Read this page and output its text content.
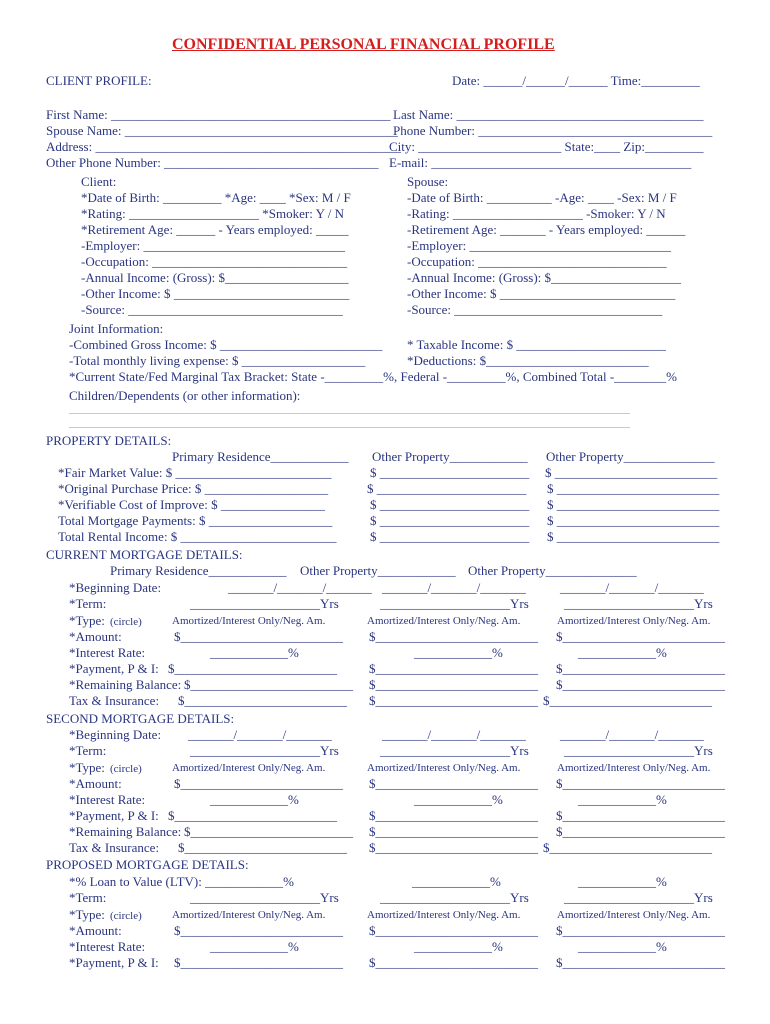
CONFIDENTIAL PERSONAL FINANCIAL PROFILE
CLIENT PROFILE:	Date: ______/______/______ Time:_________
First Name: ___________________________________________ Last Name: ______________________________________
Spouse Name: __________________________________________
Phone Number: ____________________________________
Address: _______________________________________________
City: ______________________ State:____ Zip:_________
Other Phone Number: _________________________________ E-mail: ________________________________________
Client:
*Date of Birth: _________ *Age: ____ *Sex: M / F
*Rating: ____________________ *Smoker: Y / N
*Retirement Age: ______ - Years employed: _____
-Employer: _______________________________
-Occupation: ______________________________
-Annual Income: (Gross): $___________________
-Other Income: $ ___________________________
-Source: _________________________________
Spouse:
-Date of Birth: __________ -Age: ____ -Sex: M / F
-Rating: ____________________ -Smoker: Y / N
-Retirement Age: _______ - Years employed: ______
-Employer: _______________________________
-Occupation: _____________________________
-Annual Income: (Gross): $____________________
-Other Income: $ ___________________________
-Source: ________________________________
Joint Information:
-Combined Gross Income: $ _________________________ * Taxable Income: $ _______________________
-Total monthly living expense: $ ___________________	*Deductions: $_________________________
*Current State/Fed Marginal Tax Bracket: State -_________%, Federal -_________%, Combined Total -________%
Children/Dependents (or other information):
______________________________________________________________________________________________________
______________________________________________________________________________________________________
PROPERTY DETAILS:
Primary Residence____________ Other Property____________ Other Property______________
*Fair Market Value: $ ________________________	$ _______________________ $ _________________________
*Original Purchase Price: $ ___________________	$ _______________________ $ _________________________
*Verifiable Cost of Improve: $ ________________	$ _______________________ $ _________________________
Total Mortgage Payments: $ ___________________	$ _______________________ $ _________________________
Total Rental Income: $ ________________________	$ _______________________ $ _________________________
CURRENT MORTGAGE DETAILS:
Primary Residence____________ Other Property____________ Other Property______________
*Beginning Date:	_______/_______/_______ _______/_______/_______	_______/_______/_______
*Term:	____________________Yrs	____________________Yrs	____________________Yrs
*Type: (circle)	Amortized/Interest Only/Neg. Am.	Amortized/Interest Only/Neg. Am.	Amortized/Interest Only/Neg. Am.
*Amount:	$_________________________ $_________________________ $_________________________
*Interest Rate:	____________%	____________%	____________%
*Payment, P & I: $_________________________ $_________________________ $_________________________
*Remaining Balance: $_________________________ $_________________________ $_________________________
Tax & Insurance: $_________________________ $_________________________ $_________________________
SECOND MORTGAGE DETAILS:
*Beginning Date: _______/_______/_______	_______/_______/_______	_______/_______/_______
*Term:	____________________Yrs	____________________Yrs	____________________Yrs
*Type: (circle)	Amortized/Interest Only/Neg. Am.	Amortized/Interest Only/Neg. Am.	Amortized/Interest Only/Neg. Am.
*Amount:	$_________________________ $_________________________ $_________________________
*Interest Rate:	____________%	____________%	____________%
*Payment, P & I: $_________________________ $_________________________ $_________________________
*Remaining Balance: $_________________________ $_________________________ $_________________________
Tax & Insurance: $_________________________ $_________________________ $_________________________
PROPOSED MORTGAGE DETAILS:
*% Loan to Value (LTV): ____________%	____________%	____________%
*Term:	____________________Yrs	____________________Yrs	____________________Yrs
*Type: (circle)	Amortized/Interest Only/Neg. Am.	Amortized/Interest Only/Neg. Am.	Amortized/Interest Only/Neg. Am.
*Amount:	$_________________________ $_________________________ $_________________________
*Interest Rate:	____________%	____________%	____________%
*Payment, P & I: $_________________________ $_________________________ $_________________________
